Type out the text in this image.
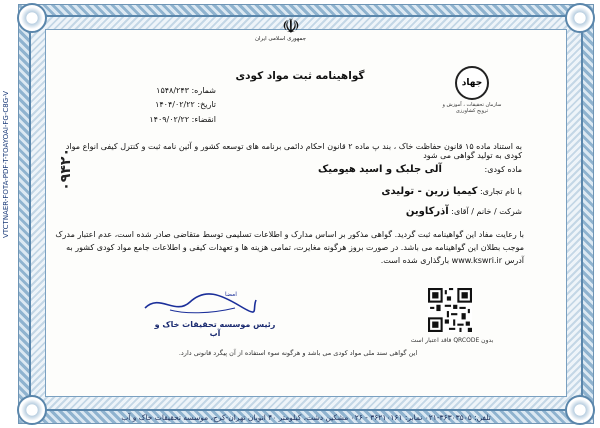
تلفن: ۳۶۳۰۳۵۰۵-۰۲۱ نمابر: ۳۶۲۱۰۱۶۱ - ۰۲۶ مشکین دشت، کیلومتر ۴۰ اتوبان تهران-کرج، موسسه تحقیقات خاک و آب
VTCTNAER-FOTA-PDF-T-TOAYOAI-FG-C8G-V
☫
جمهوری اسلامی ایران
گواهینامه ثبت مواد کودی
جهاد
سازمان تحقیقات ، آموزش و ترویج کشاورزی
شماره: ۱۵۴۸/۲۴۳
تاریخ: ۱۴۰۴/۰۲/۲۲
انقضاء: ۱۴۰۹/۰۲/۲۲
به استناد ماده ۱۵ قانون حفاظت خاک ، بند پ ماده ۲ قانون احکام دائمی برنامه های توسعه کشور و آئین نامه ثبت و کنترل کیفی انواع مواد کودی به تولید گواهی می شود
ماده کودی: آلی جلبک و اسید هیومیک
با نام تجاری: کیمیا زرین - تولیدی
شرکت / خانم / آقای: آذرکاوین
۰۹۴۲۰
با رعایت مفاد این گواهینامه ثبت گردید. گواهی مذکور بر اساس مدارک و اطلاعات تسلیمی توسط متقاضی صادر شده است، عدم اعتبار مدرک موجب بطلان این گواهینامه می باشد. در صورت بروز هرگونه مغایرت، تمامی هزینه ها و تعهدات کیفی و اطلاعات جامع مواد کودی کشور به آدرس www.kswri.ir بارگذاری شده است.
امضا
رئیس موسسه تحقیقات خاک و آب
این گواهی سند ملی مواد کودی می باشد و هرگونه سوء استفاده از آن پیگرد قانونی دارد.
بدون QRCODE فاقد اعتبار است
